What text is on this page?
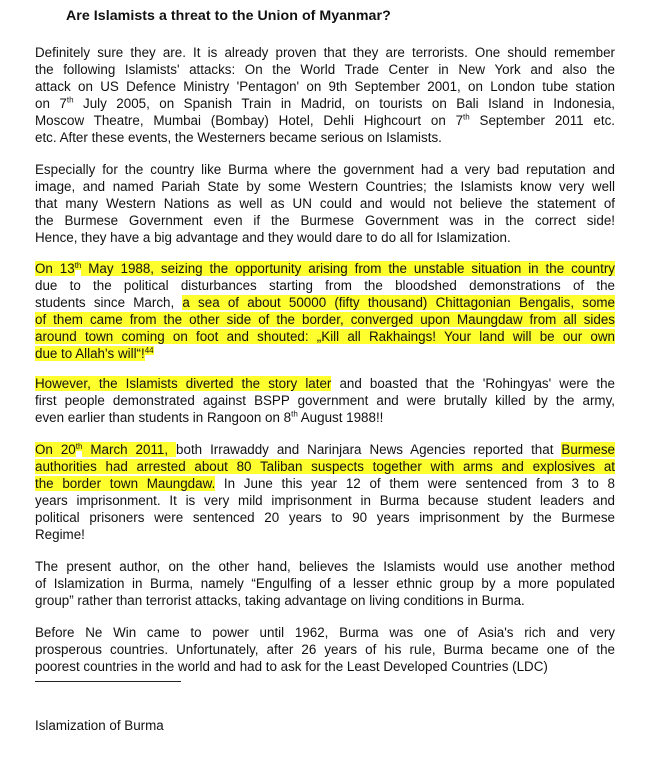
Are Islamists a threat to the Union of Myanmar?

Definitely sure they are. It is already proven that they are terrorists. One should remember
the following Islamists' attacks: On the World Trade Center in New York and also the
attack on US Defence Ministry 'Pentagon' on 9th September 2001, on London tube station
on 7th July 2005, on Spanish Train in Madrid, on tourists on Bali Island in Indonesia,
Moscow Theatre, Mumbai (Bombay) Hotel, Dehli Highcourt on 7th September 2011 etc.
etc. After these events, the Westerners became serious on Islamists.

Especially for the country like Burma where the government had a very bad reputation and
image, and named Pariah State by some Western Countries; the Islamists know very well
that many Western Nations as well as UN could and would not believe the statement of
the Burmese Government even if the Burmese Government was in the correct side!
Hence, they have a big advantage and they would dare to do all for Islamization.

On 13th May 1988, seizing the opportunity arising from the unstable situation in the country
due to the political disturbances starting from the bloodshed demonstrations of the
students since March, a sea of about 50000 (fifty thousand) Chittagonian Bengalis, some
of them came from the other side of the border, converged upon Maungdaw from all sides
around town coming on foot and shouted: „Kill all Rakhaings! Your land will be our own
due to Allah's will“!$^{44}$

However, the Islamists diverted the story later and boasted that the 'Rohingyas' were the
first people demonstrated against BSPP government and were brutally killed by the army,
even earlier than students in Rangoon on 8th August 1988!!

On 20th March 2011, both Irrawaddy and Narinjara News Agencies reported that Burmese
authorities had arrested about 80 Taliban suspects together with arms and explosives at
the border town Maungdaw. In June this year 12 of them were sentenced from 3 to 8
years imprisonment. It is very mild imprisonment in Burma because student leaders and
political prisoners were sentenced 20 years to 90 years imprisonment by the Burmese
Regime!

The present author, on the other hand, believes the Islamists would use another method
of Islamization in Burma, namely “Engulfing of a lesser ethnic group by a more populated
group” rather than terrorist attacks, taking advantage on living conditions in Burma.

Before Ne Win came to power until 1962, Burma was one of Asia's rich and very
prosperous countries. Unfortunately, after 26 years of his rule, Burma became one of the
poorest countries in the world and had to ask for the Least Developed Countries (LDC)

Islamization of Burma
